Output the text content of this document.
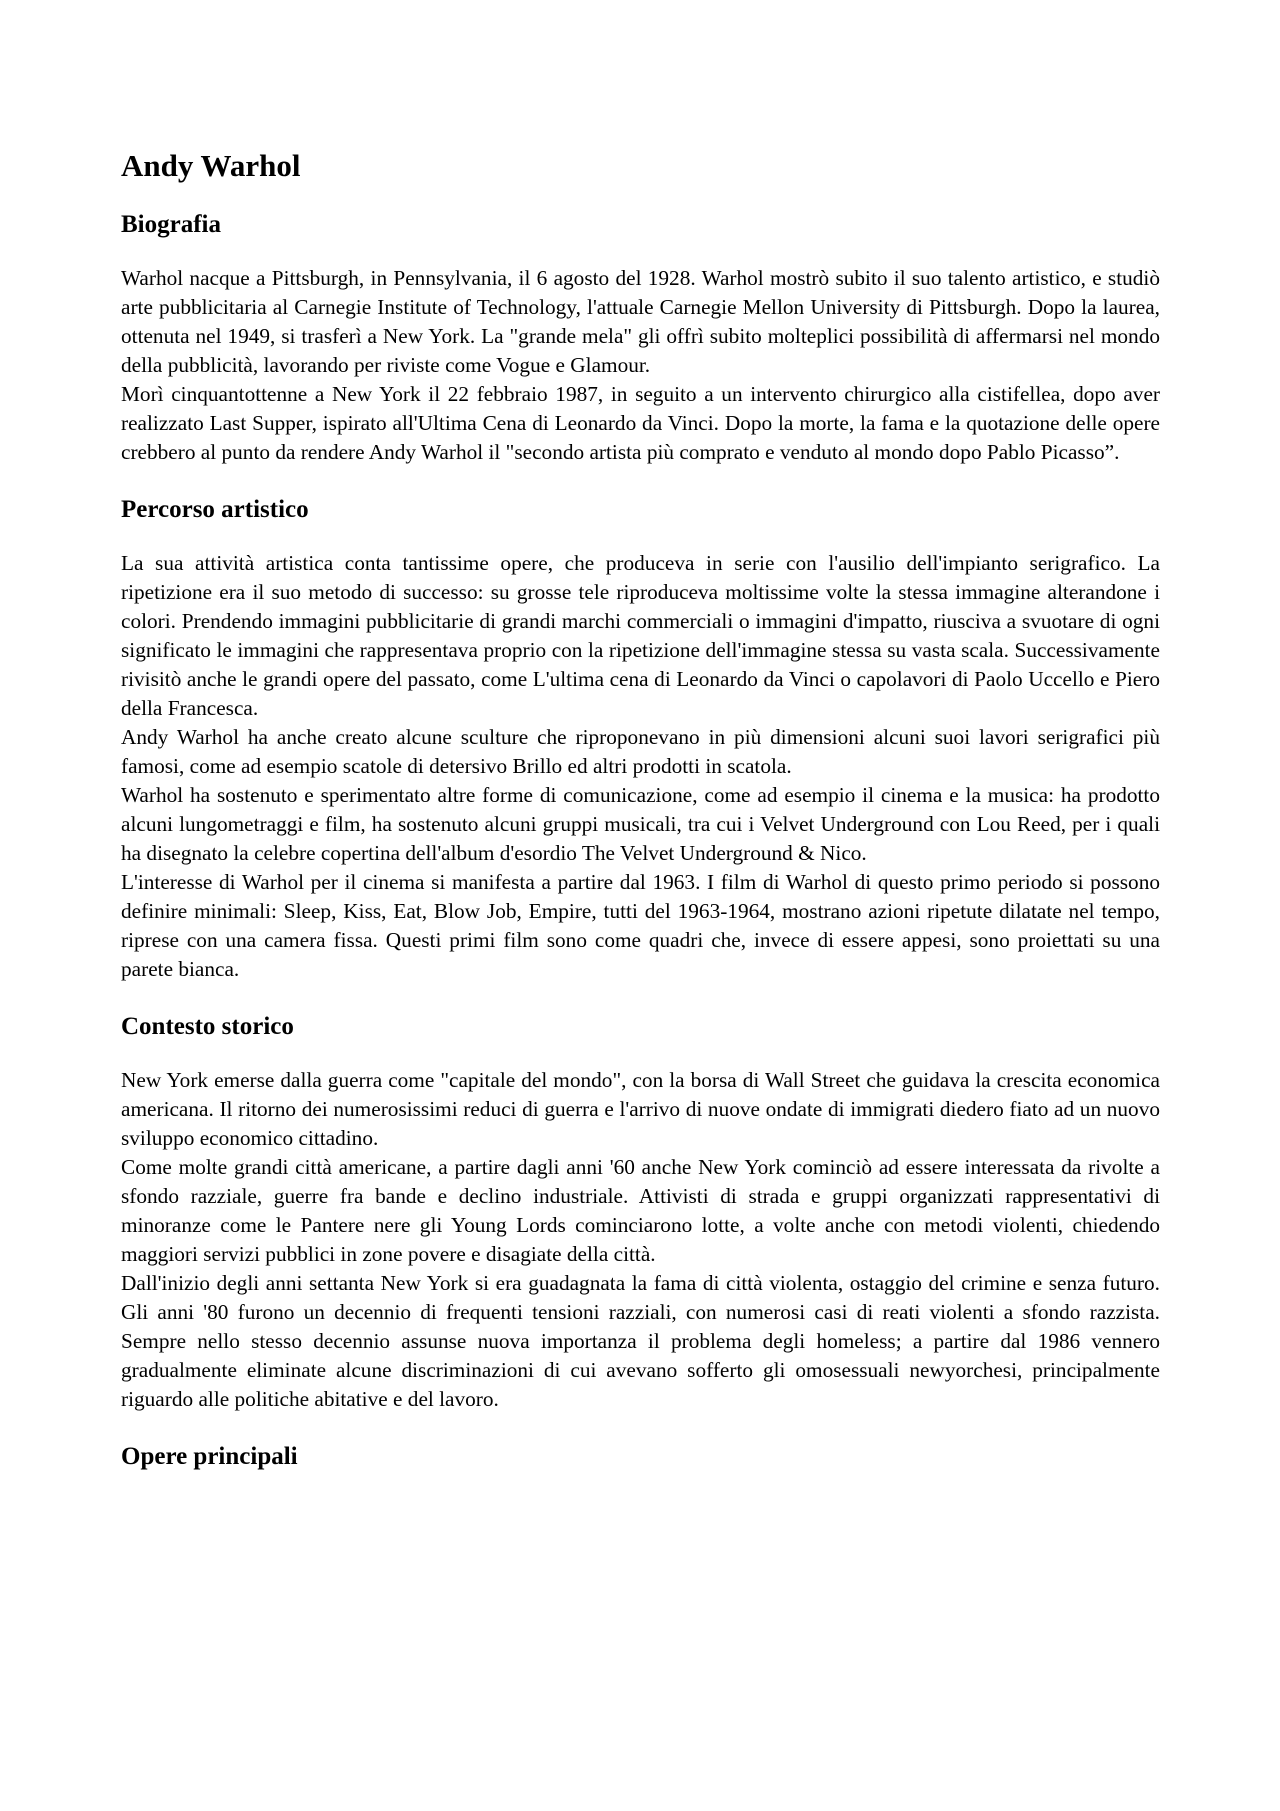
Andy Warhol
Biografia

Warhol nacque a Pittsburgh, in Pennsylvania, il 6 agosto del 1928. Warhol mostrò subito il suo talento artistico, e studiò arte pubblicitaria al Carnegie Institute of Technology, l'attuale Carnegie Mellon University di Pittsburgh. Dopo la laurea, ottenuta nel 1949, si trasferì a New York. La "grande mela" gli offrì subito molteplici possibilità di affermarsi nel mondo della pubblicità, lavorando per riviste come Vogue e Glamour.

Morì cinquantottenne a New York il 22 febbraio 1987, in seguito a un intervento chirurgico alla cistifellea, dopo aver realizzato Last Supper, ispirato all'Ultima Cena di Leonardo da Vinci. Dopo la morte, la fama e la quotazione delle opere crebbero al punto da rendere Andy Warhol il "secondo artista più comprato e venduto al mondo dopo Pablo Picasso”.

Percorso artistico

La sua attività artistica conta tantissime opere, che produceva in serie con l'ausilio dell'impianto serigrafico. La ripetizione era il suo metodo di successo: su grosse tele riproduceva moltissime volte la stessa immagine alterandone i colori. Prendendo immagini pubblicitarie di grandi marchi commerciali o immagini d'impatto, riusciva a svuotare di ogni significato le immagini che rappresentava proprio con la ripetizione dell'immagine stessa su vasta scala. Successivamente rivisitò anche le grandi opere del passato, come L'ultima cena di Leonardo da Vinci o capolavori di Paolo Uccello e Piero della Francesca.

Andy Warhol ha anche creato alcune sculture che riproponevano in più dimensioni alcuni suoi lavori serigrafici più famosi, come ad esempio scatole di detersivo Brillo ed altri prodotti in scatola.

Warhol ha sostenuto e sperimentato altre forme di comunicazione, come ad esempio il cinema e la musica: ha prodotto alcuni lungometraggi e film, ha sostenuto alcuni gruppi musicali, tra cui i Velvet Underground con Lou Reed, per i quali ha disegnato la celebre copertina dell'album d'esordio The Velvet Underground & Nico.

L'interesse di Warhol per il cinema si manifesta a partire dal 1963. I film di Warhol di questo primo periodo si possono definire minimali: Sleep, Kiss, Eat, Blow Job, Empire, tutti del 1963-1964, mostrano azioni ripetute dilatate nel tempo, riprese con una camera fissa. Questi primi film sono come quadri che, invece di essere appesi, sono proiettati su una parete bianca.

Contesto storico

New York emerse dalla guerra come "capitale del mondo", con la borsa di Wall Street che guidava la crescita economica americana. Il ritorno dei numerosissimi reduci di guerra e l'arrivo di nuove ondate di immigrati diedero fiato ad un nuovo sviluppo economico cittadino.

Come molte grandi città americane, a partire dagli anni '60 anche New York cominciò ad essere interessata da rivolte a sfondo razziale, guerre fra bande e declino industriale. Attivisti di strada e gruppi organizzati rappresentativi di minoranze come le Pantere nere gli Young Lords cominciarono lotte, a volte anche con metodi violenti, chiedendo maggiori servizi pubblici in zone povere e disagiate della città.

Dall'inizio degli anni settanta New York si era guadagnata la fama di città violenta, ostaggio del crimine e senza futuro. Gli anni '80 furono un decennio di frequenti tensioni razziali, con numerosi casi di reati violenti a sfondo razzista. Sempre nello stesso decennio assunse nuova importanza il problema degli homeless; a partire dal 1986 vennero gradualmente eliminate alcune discriminazioni di cui avevano sofferto gli omosessuali newyorchesi, principalmente riguardo alle politiche abitative e del lavoro.

Opere principali
